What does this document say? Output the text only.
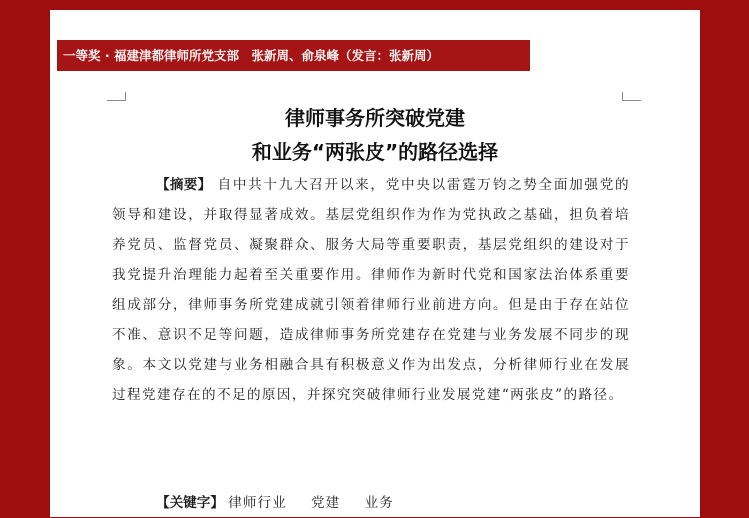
一等奖 · 福建津都律师所党支部　张新周、俞泉峰（发言：张新周）
律师事务所突破党建
和业务“两张皮”的路径选择
【摘要】 自中共十九大召开以来，党中央以雷霆万钧之势全面加强党的领导和建设，并取得显著成效。基层党组织作为作为党执政之基础，担负着培养党员、监督党员、凝聚群众、服务大局等重要职责，基层党组织的建设对于我党提升治理能力起着至关重要作用。律师作为新时代党和国家法治体系重要组成部分，律师事务所党建成就引领着律师行业前进方向。但是由于存在站位不准、意识不足等问题，造成律师事务所党建存在党建与业务发展不同步的现象。本文以党建与业务相融合具有积极意义作为出发点，分析律师行业在发展过程党建存在的不足的原因，并探究突破律师行业发展党建“两张皮”的路径。
【关键字】 律师行业 党建 业务
